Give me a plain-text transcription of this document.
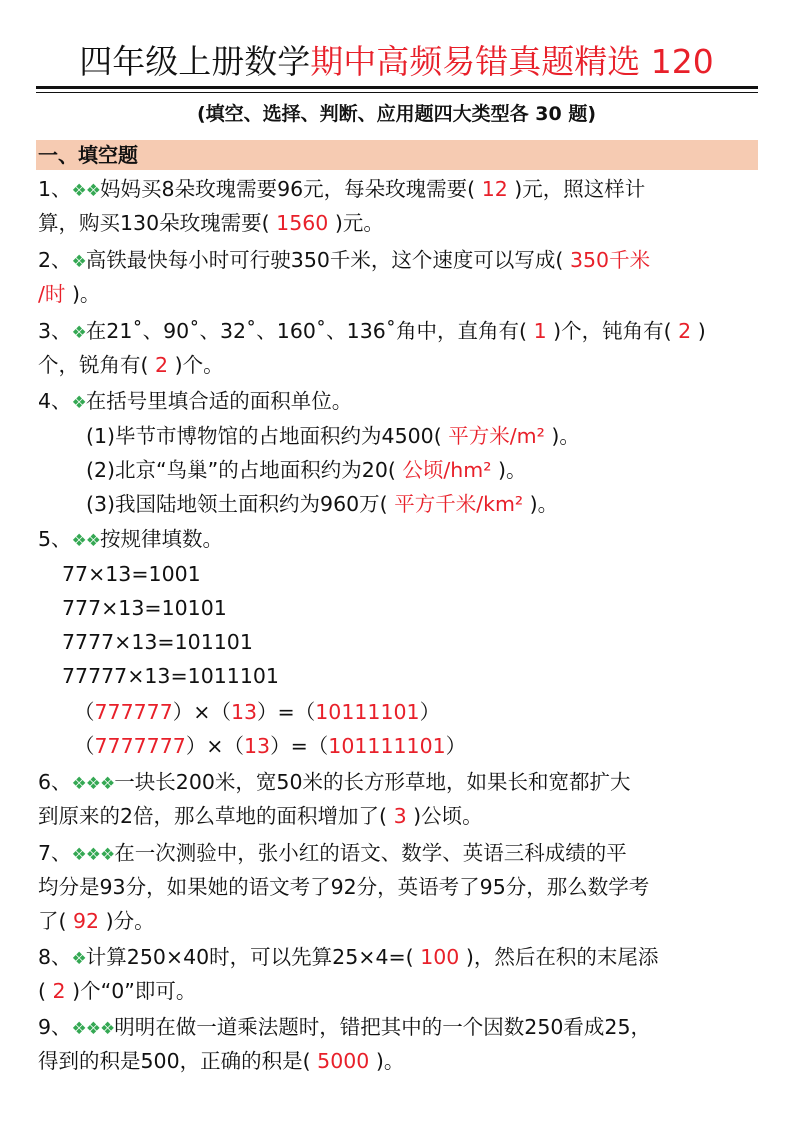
四年级上册数学期中高频易错真题精选 120
(填空、选择、判断、应用题四大类型各 30 题)
一、填空题
1、❖❖妈妈买8朵玫瑰需要96元，每朵玫瑰需要( 12 )元，照这样计
算，购买130朵玫瑰需要( 1560 )元。
2、❖高铁最快每小时可行驶350千米，这个速度可以写成( 350千米
/时 )。
3、❖在21˚、90˚、32˚、160˚、136˚角中，直角有( 1 )个，钝角有( 2 )
个，锐角有( 2 )个。
4、❖在括号里填合适的面积单位。
(1)毕节市博物馆的占地面积约为4500( 平方米/m² )。
(2)北京“鸟巢”的占地面积约为20( 公顷/hm² )。
(3)我国陆地领土面积约为960万( 平方千米/km² )。
5、❖❖按规律填数。
77×13=1001
777×13=10101
7777×13=101101
77777×13=1011101
（777777）×（13）=（10111101）
（7777777）×（13）=（101111101）
6、❖❖❖一块长200米，宽50米的长方形草地，如果长和宽都扩大
到原来的2倍，那么草地的面积增加了( 3 )公顷。
7、❖❖❖在一次测验中，张小红的语文、数学、英语三科成绩的平
均分是93分，如果她的语文考了92分，英语考了95分，那么数学考
了( 92 )分。
8、❖计算250×40时，可以先算25×4=( 100 )，然后在积的末尾添
( 2 )个“0”即可。
9、❖❖❖明明在做一道乘法题时，错把其中的一个因数250看成25，
得到的积是500，正确的积是( 5000 )。
